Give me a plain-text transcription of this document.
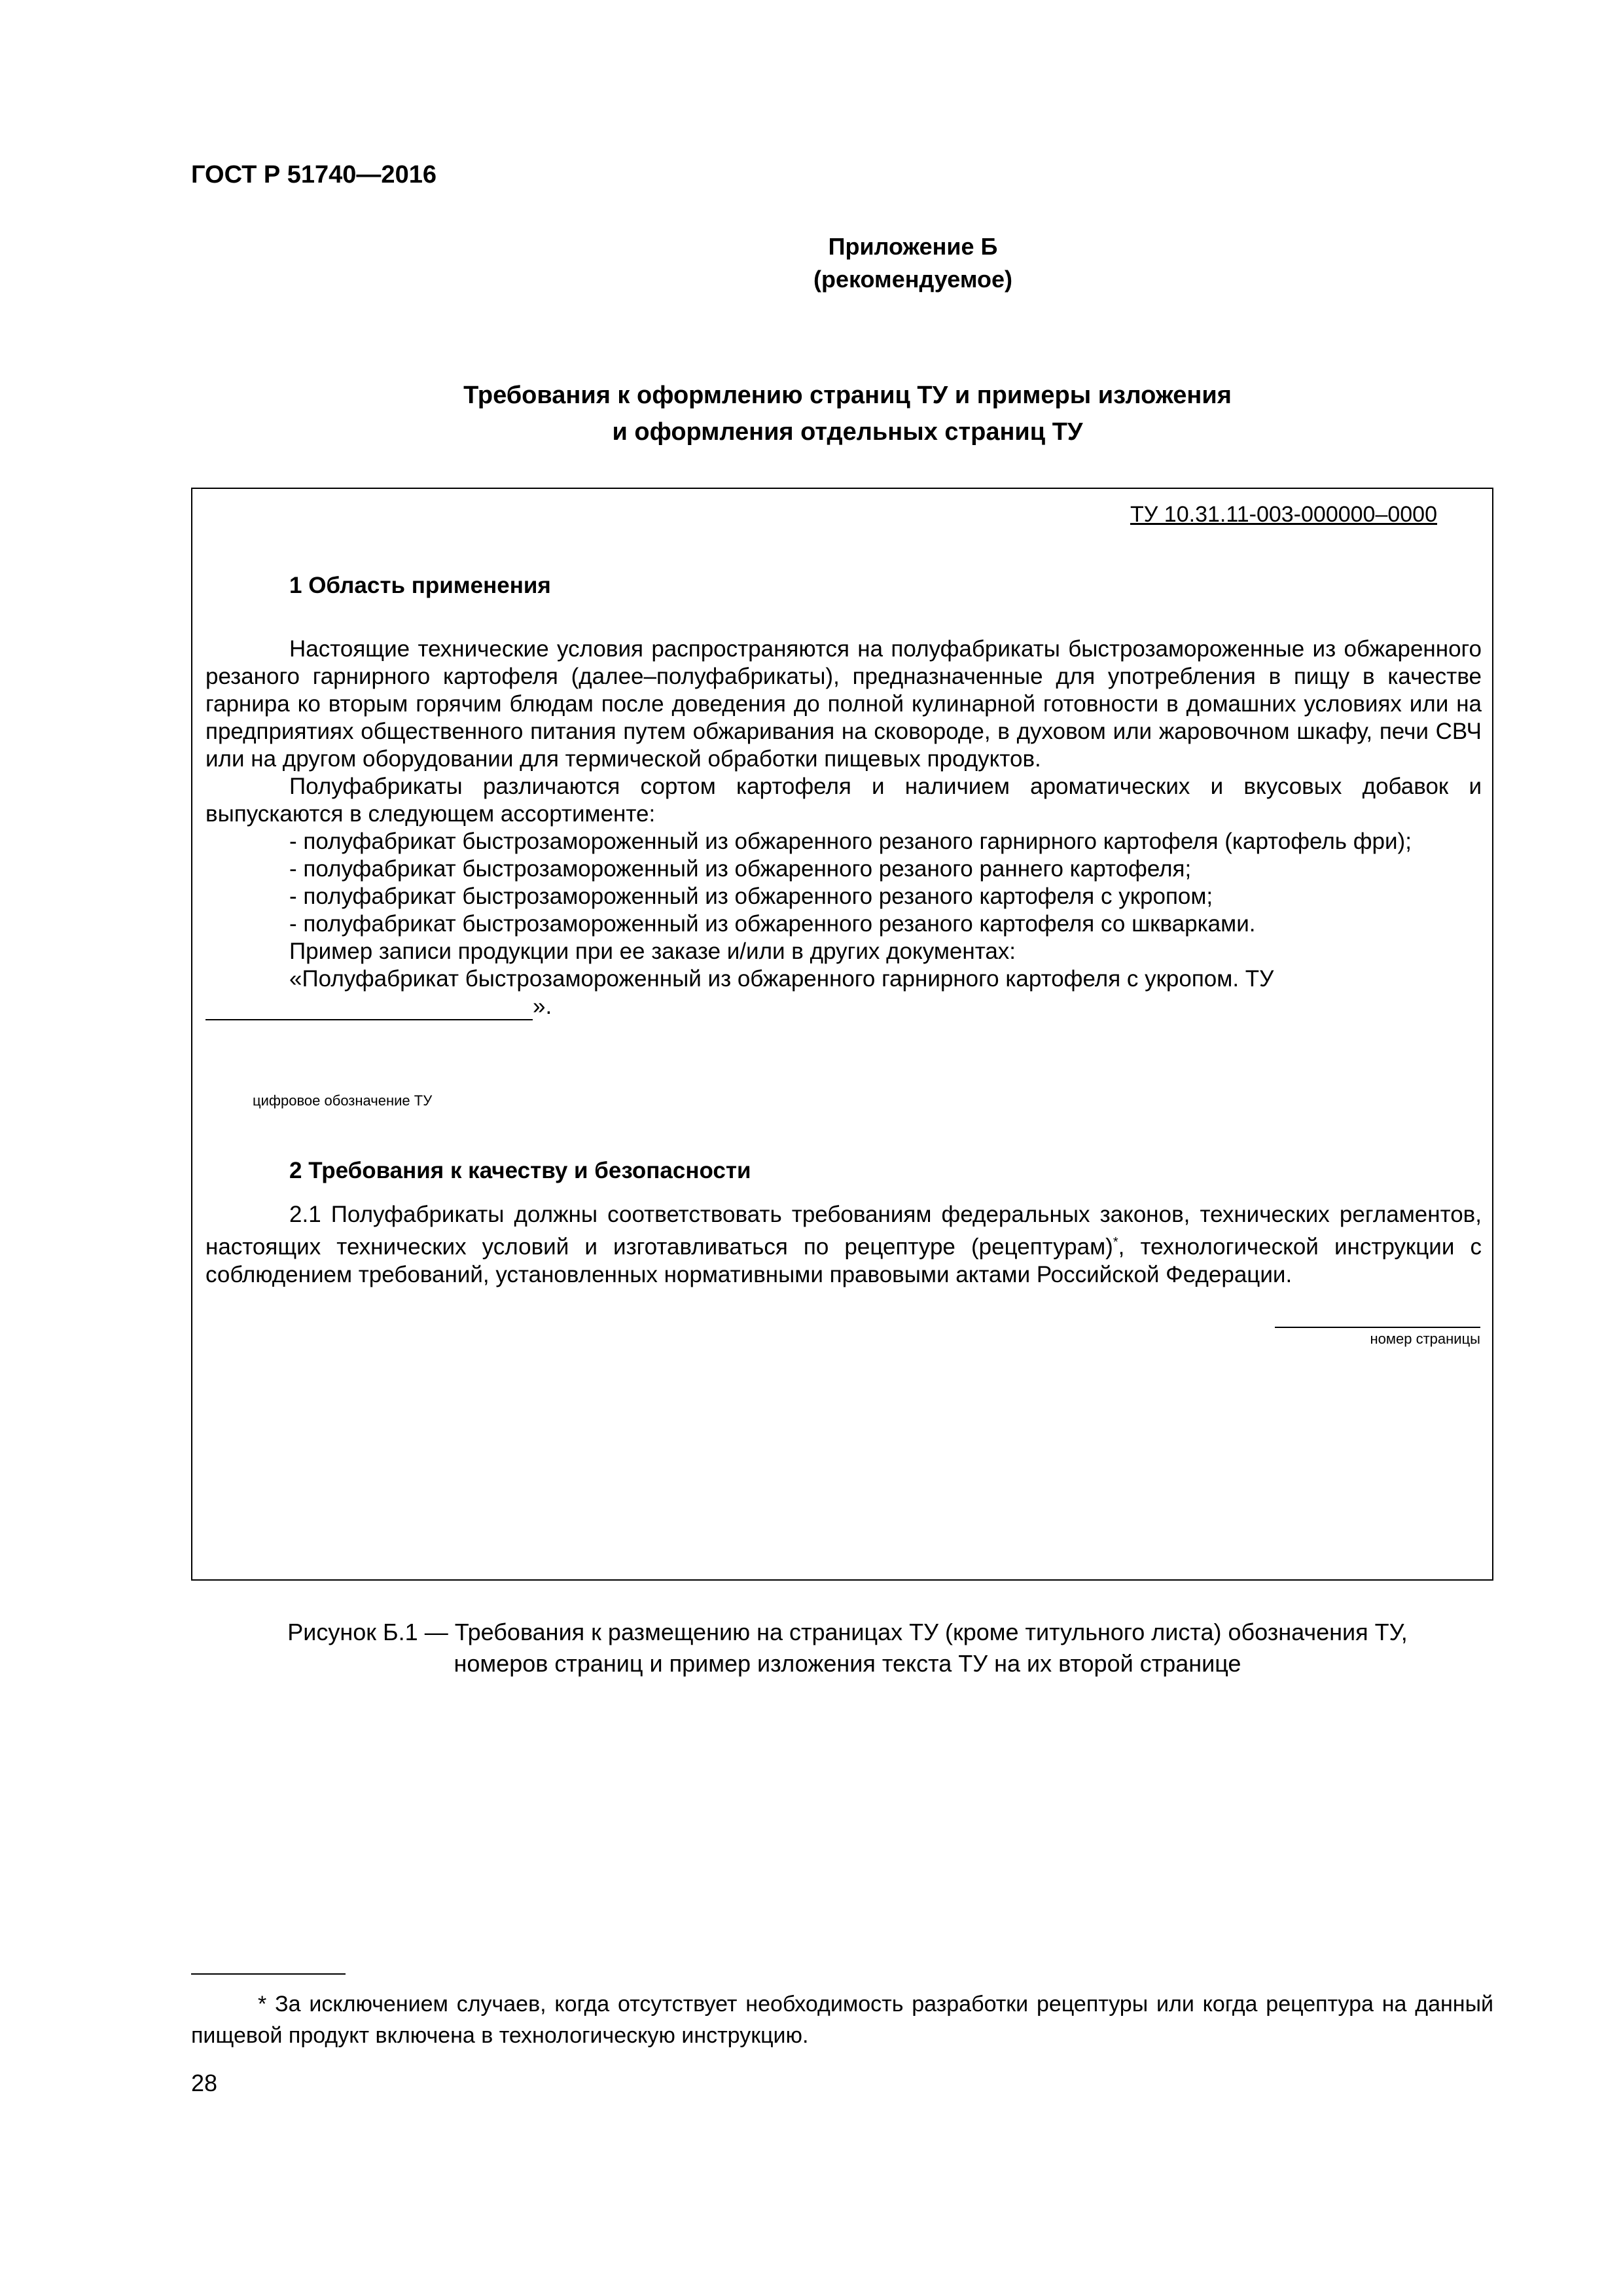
ГОСТ Р 51740—2016

Приложение Б
(рекомендуемое)
Требования к оформлению страниц ТУ и примеры изложения
и оформления отдельных страниц ТУ
ТУ 10.31.11-003-000000–0000

1 Область применения

Настоящие технические условия распространяются на полуфабрикаты быстрозамороженные из обжаренного резаного гарнирного картофеля (далее–полуфабрикаты), предназначенные для употребления в пищу в качестве гарнира ко вторым горячим блюдам после доведения до полной кулинарной готовности в домашних условиях или на предприятиях общественного питания путем обжаривания на сковороде, в духовом или жаровочном шкафу, печи СВЧ или на другом оборудовании для термической обработки пищевых продуктов.

Полуфабрикаты различаются сортом картофеля и наличием ароматических и вкусовых добавок и выпускаются в следующем ассортименте:

- полуфабрикат быстрозамороженный из обжаренного резаного гарнирного картофеля (картофель фри);

- полуфабрикат быстрозамороженный из обжаренного резаного раннего картофеля;

- полуфабрикат быстрозамороженный из обжаренного резаного картофеля с укропом;

- полуфабрикат быстрозамороженный из обжаренного резаного картофеля со шкварками.

Пример записи продукции при ее заказе и/или в других документах:

«Полуфабрикат быстрозамороженный из обжаренного гарнирного картофеля с укропом. ТУ

».
цифровое обозначение ТУ

2 Требования к качеству и безопасности

2.1 Полуфабрикаты должны соответствовать требованиям федеральных законов, технических регламентов, настоящих технических условий и изготавливаться по рецептуре (рецептурам)*, технологической инструкции с соблюдением требований, установленных нормативными правовыми актами Российской Федерации.

номер страницы
Рисунок Б.1 — Требования к размещению на страницах ТУ (кроме титульного листа) обозначения ТУ,
номеров страниц и пример изложения текста ТУ на их второй странице

* За исключением случаев, когда отсутствует необходимость разработки рецептуры или когда рецептура на данный пищевой продукт включена в технологическую инструкцию.

28
